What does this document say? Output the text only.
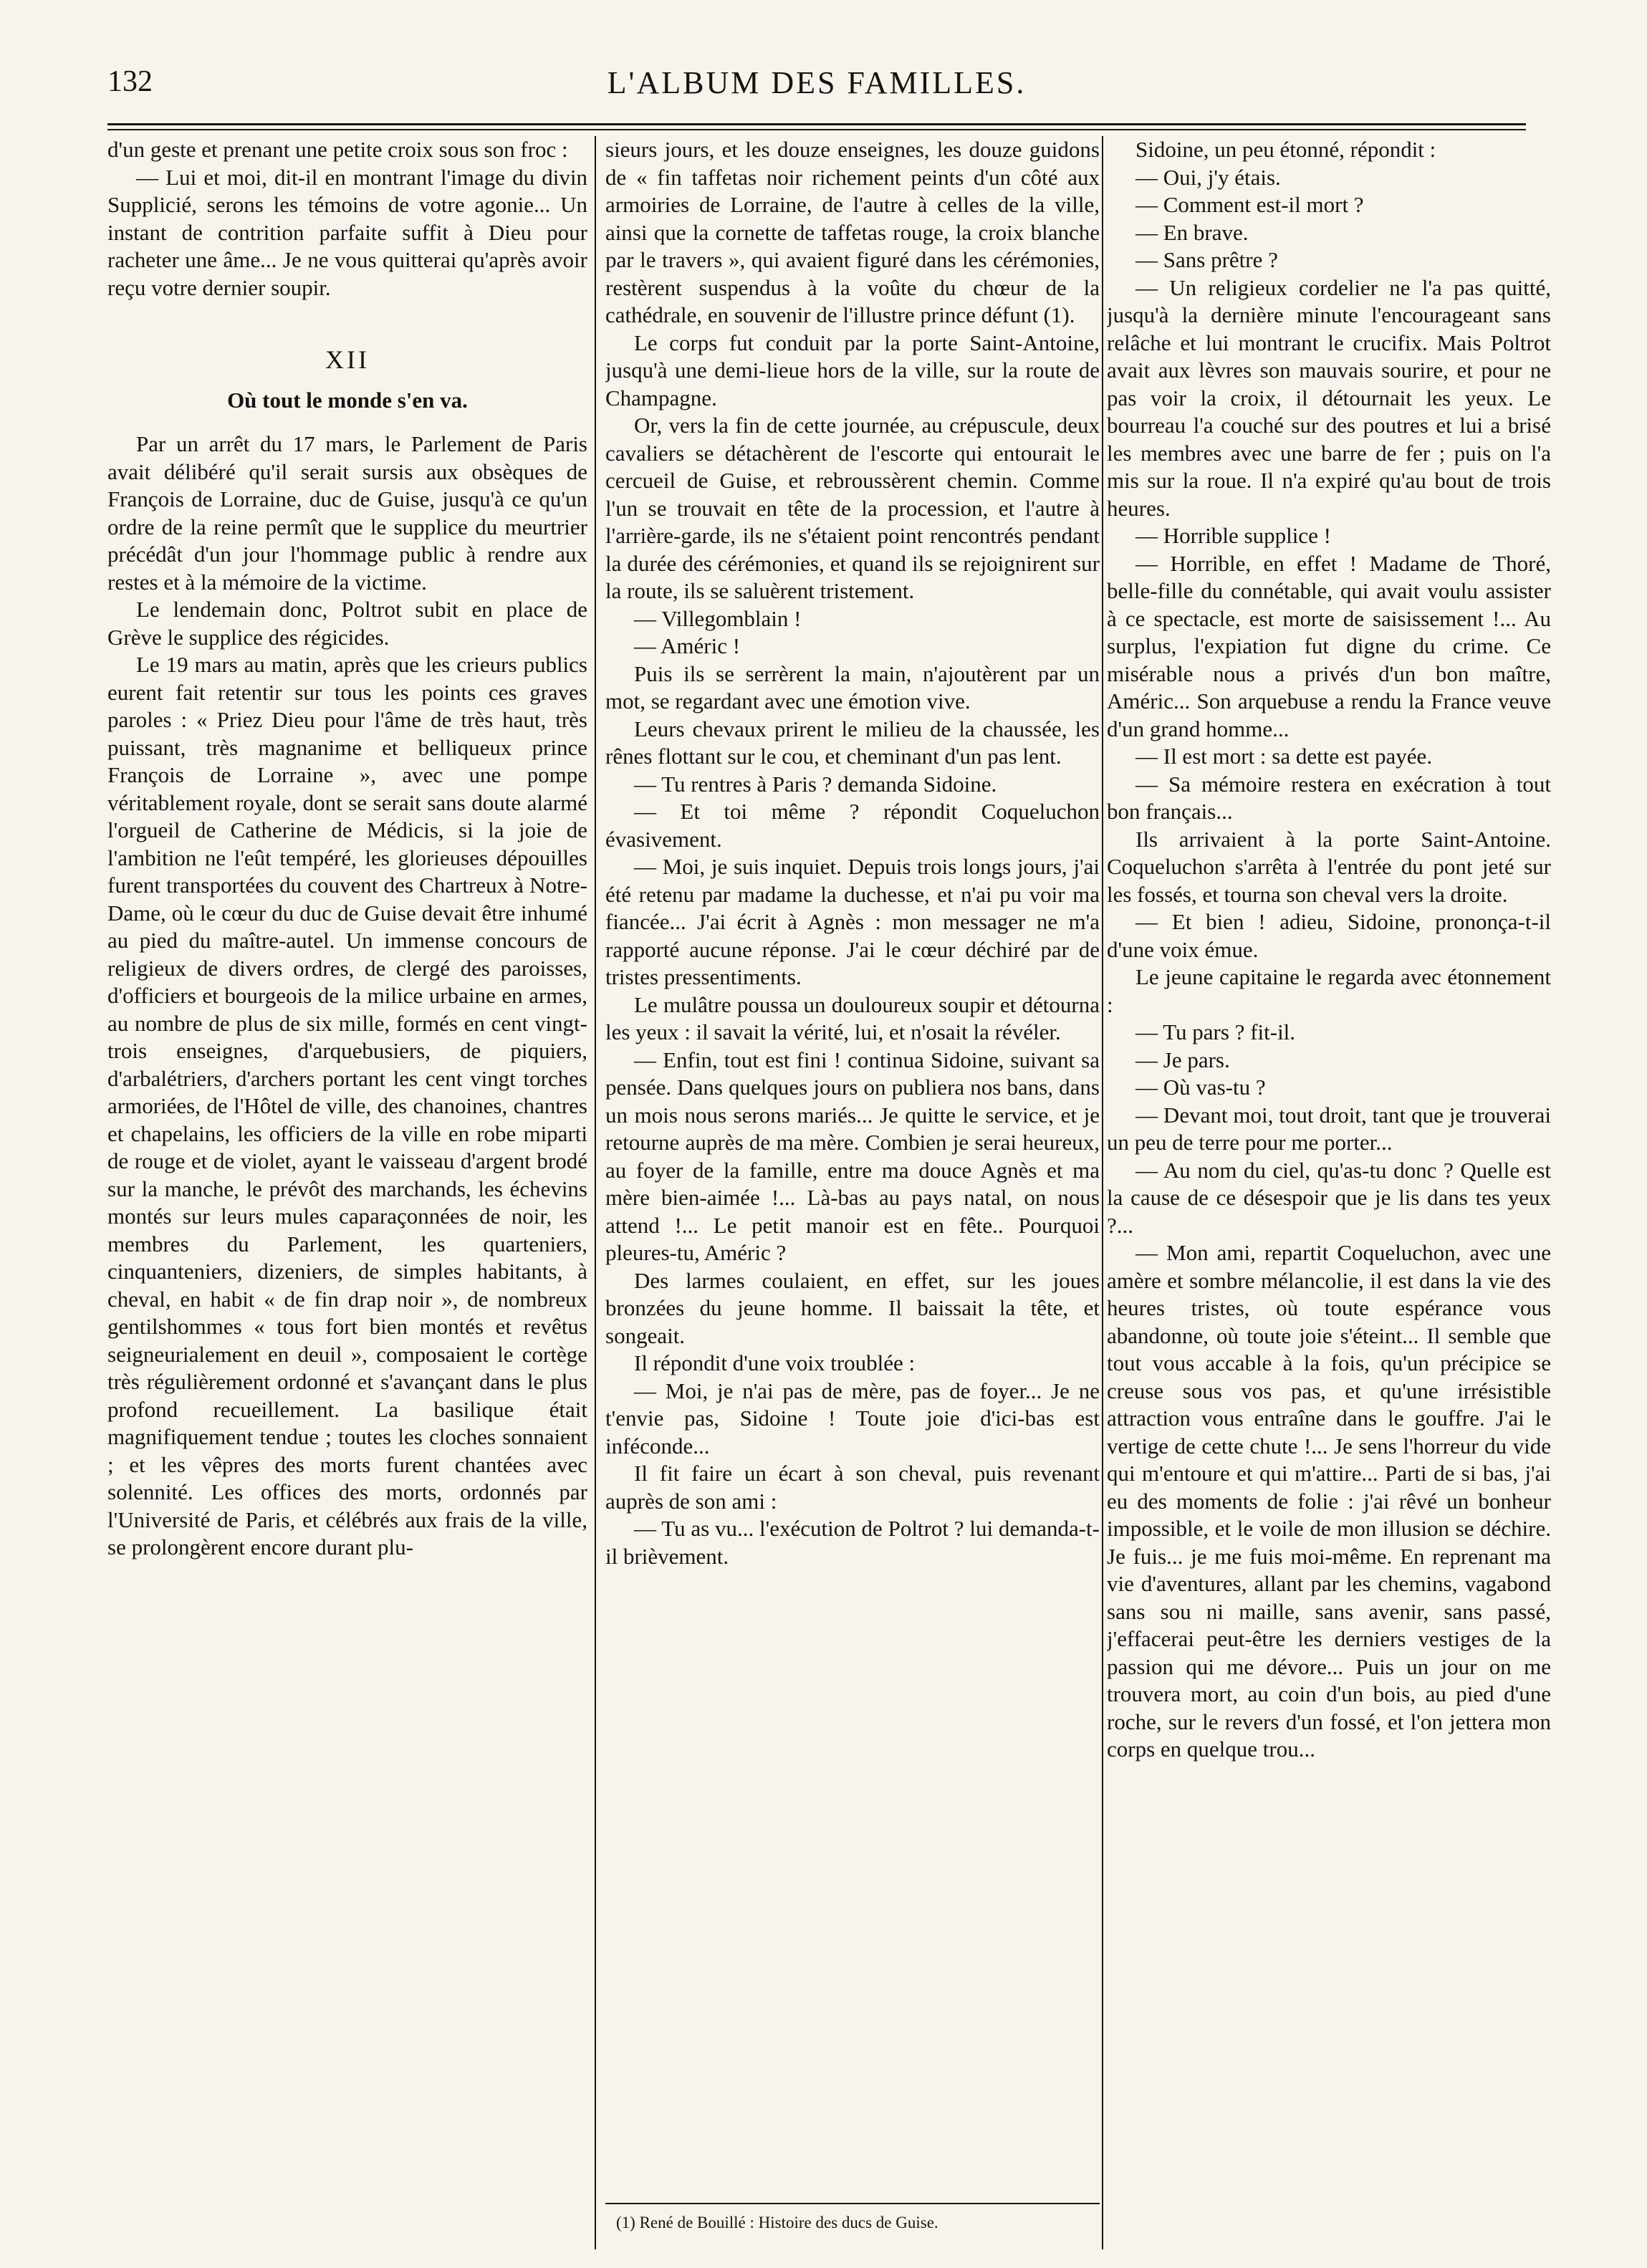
132	L'ALBUM DES FAMILLES.

d'un geste et prenant une petite croix sous son froc :

— Lui et moi, dit-il en montrant l'image du divin Supplicié, serons les témoins de votre agonie... Un instant de contrition parfaite suffit à Dieu pour racheter une âme... Je ne vous quitterai qu'après avoir reçu votre dernier soupir.

XII
Où tout le monde s'en va.

Par un arrêt du 17 mars, le Parlement de Paris avait délibéré qu'il serait sursis aux obsèques de François de Lorraine, duc de Guise, jusqu'à ce qu'un ordre de la reine permît que le supplice du meurtrier précédât d'un jour l'hommage public à rendre aux restes et à la mémoire de la victime.

Le lendemain donc, Poltrot subit en place de Grève le supplice des régicides.

Le 19 mars au matin, après que les crieurs publics eurent fait retentir sur tous les points ces graves paroles : « Priez Dieu pour l'âme de très haut, très puissant, très magnanime et belliqueux prince François de Lorraine », avec une pompe véritablement royale, dont se serait sans doute alarmé l'orgueil de Catherine de Médicis, si la joie de l'ambition ne l'eût tempéré, les glorieuses dépouilles furent transportées du couvent des Chartreux à Notre-Dame, où le cœur du duc de Guise devait être inhumé au pied du maître-autel. Un immense concours de religieux de divers ordres, de clergé des paroisses, d'officiers et bourgeois de la milice urbaine en armes, au nombre de plus de six mille, formés en cent vingt-trois enseignes, d'arquebusiers, de piquiers, d'arbalétriers, d'archers portant les cent vingt torches armoriées, de l'Hôtel de ville, des chanoines, chantres et chapelains, les officiers de la ville en robe miparti de rouge et de violet, ayant le vaisseau d'argent brodé sur la manche, le prévôt des marchands, les échevins montés sur leurs mules caparaçonnées de noir, les membres du Parlement, les quarteniers, cinquanteniers, dizeniers, de simples habitants, à cheval, en habit « de fin drap noir », de nombreux gentilshommes « tous fort bien montés et revêtus seigneurialement en deuil », composaient le cortège très régulièrement ordonné et s'avançant dans le plus profond recueillement. La basilique était magnifiquement tendue ; toutes les cloches sonnaient ; et les vêpres des morts furent chantées avec solennité. Les offices des morts, ordonnés par l'Université de Paris, et célébrés aux frais de la ville, se prolongèrent encore durant plu-

sieurs jours, et les douze enseignes, les douze guidons de « fin taffetas noir richement peints d'un côté aux armoiries de Lorraine, de l'autre à celles de la ville, ainsi que la cornette de taffetas rouge, la croix blanche par le travers », qui avaient figuré dans les cérémonies, restèrent suspendus à la voûte du chœur de la cathédrale, en souvenir de l'illustre prince défunt (1).

Le corps fut conduit par la porte Saint-Antoine, jusqu'à une demi-lieue hors de la ville, sur la route de Champagne.

Or, vers la fin de cette journée, au crépuscule, deux cavaliers se détachèrent de l'escorte qui entourait le cercueil de Guise, et rebroussèrent chemin. Comme l'un se trouvait en tête de la procession, et l'autre à l'arrière-garde, ils ne s'étaient point rencontrés pendant la durée des cérémonies, et quand ils se rejoignirent sur la route, ils se saluèrent tristement.

— Villegomblain !

— Améric !

Puis ils se serrèrent la main, n'ajoutèrent par un mot, se regardant avec une émotion vive.

Leurs chevaux prirent le milieu de la chaussée, les rênes flottant sur le cou, et cheminant d'un pas lent.

— Tu rentres à Paris ? demanda Sidoine.

— Et toi même ? répondit Coqueluchon évasivement.

— Moi, je suis inquiet. Depuis trois longs jours, j'ai été retenu par madame la duchesse, et n'ai pu voir ma fiancée... J'ai écrit à Agnès : mon messager ne m'a rapporté aucune réponse. J'ai le cœur déchiré par de tristes pressentiments.

Le mulâtre poussa un douloureux soupir et détourna les yeux : il savait la vérité, lui, et n'osait la révéler.

— Enfin, tout est fini ! continua Sidoine, suivant sa pensée. Dans quelques jours on publiera nos bans, dans un mois nous serons mariés... Je quitte le service, et je retourne auprès de ma mère. Combien je serai heureux, au foyer de la famille, entre ma douce Agnès et ma mère bien-aimée !... Là-bas au pays natal, on nous attend !... Le petit manoir est en fête.. Pourquoi pleures-tu, Améric ?

Des larmes coulaient, en effet, sur les joues bronzées du jeune homme. Il baissait la tête, et songeait.

Il répondit d'une voix troublée :

— Moi, je n'ai pas de mère, pas de foyer... Je ne t'envie pas, Sidoine ! Toute joie d'ici-bas est inféconde...

Il fit faire un écart à son cheval, puis revenant auprès de son ami :

— Tu as vu... l'exécution de Poltrot ? lui demanda-t-il brièvement.

(1) René de Bouillé : Histoire des ducs de Guise.

Sidoine, un peu étonné, répondit :

— Oui, j'y étais.

— Comment est-il mort ?

— En brave.

— Sans prêtre ?

— Un religieux cordelier ne l'a pas quitté, jusqu'à la dernière minute l'encourageant sans relâche et lui montrant le crucifix. Mais Poltrot avait aux lèvres son mauvais sourire, et pour ne pas voir la croix, il détournait les yeux. Le bourreau l'a couché sur des poutres et lui a brisé les membres avec une barre de fer ; puis on l'a mis sur la roue. Il n'a expiré qu'au bout de trois heures.

— Horrible supplice !

— Horrible, en effet ! Madame de Thoré, belle-fille du connétable, qui avait voulu assister à ce spectacle, est morte de saisissement !... Au surplus, l'expiation fut digne du crime. Ce misérable nous a privés d'un bon maître, Améric... Son arquebuse a rendu la France veuve d'un grand homme...

— Il est mort : sa dette est payée.

— Sa mémoire restera en exécration à tout bon français...

Ils arrivaient à la porte Saint-Antoine. Coqueluchon s'arrêta à l'entrée du pont jeté sur les fossés, et tourna son cheval vers la droite.

— Et bien ! adieu, Sidoine, prononça-t-il d'une voix émue.

Le jeune capitaine le regarda avec étonnement :

— Tu pars ? fit-il.

— Je pars.

— Où vas-tu ?

— Devant moi, tout droit, tant que je trouverai un peu de terre pour me porter...

— Au nom du ciel, qu'as-tu donc ? Quelle est la cause de ce désespoir que je lis dans tes yeux ?...

— Mon ami, repartit Coqueluchon, avec une amère et sombre mélancolie, il est dans la vie des heures tristes, où toute espérance vous abandonne, où toute joie s'éteint... Il semble que tout vous accable à la fois, qu'un précipice se creuse sous vos pas, et qu'une irrésistible attraction vous entraîne dans le gouffre. J'ai le vertige de cette chute !... Je sens l'horreur du vide qui m'entoure et qui m'attire... Parti de si bas, j'ai eu des moments de folie : j'ai rêvé un bonheur impossible, et le voile de mon illusion se déchire. Je fuis... je me fuis moi-même. En reprenant ma vie d'aventures, allant par les chemins, vagabond sans sou ni maille, sans avenir, sans passé, j'effacerai peut-être les derniers vestiges de la passion qui me dévore... Puis un jour on me trouvera mort, au coin d'un bois, au pied d'une roche, sur le revers d'un fossé, et l'on jettera mon corps en quelque trou...
